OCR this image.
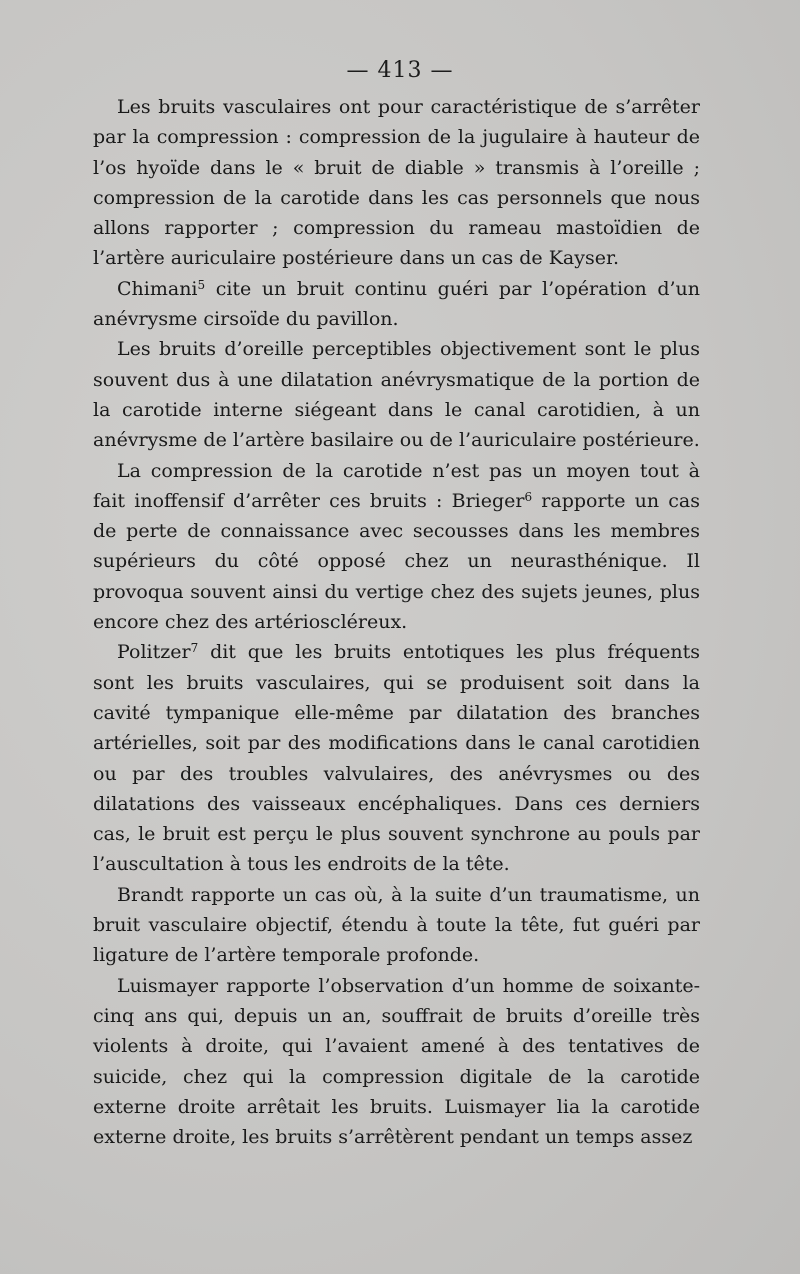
— 413 —

Les bruits vasculaires ont pour caractéristique de s’arrêter par la compression : compression de la jugulaire à hauteur de l’os hyoïde dans le « bruit de diable » transmis à l’oreille ; compression de la carotide dans les cas personnels que nous allons rapporter ; compression du rameau mastoïdien de l’artère auriculaire postérieure dans un cas de Kayser.

Chimani$^5$ cite un bruit continu guéri par l’opération d’un anévrysme cirsoïde du pavillon.

Les bruits d’oreille perceptibles objectivement sont le plus souvent dus à une dilatation anévrysmatique de la portion de la carotide interne siégeant dans le canal carotidien, à un anévrysme de l’artère basilaire ou de l’auriculaire postérieure.

La compression de la carotide n’est pas un moyen tout à fait inoffensif d’arrêter ces bruits : Brieger$^6$ rapporte un cas de perte de connaissance avec secousses dans les membres supérieurs du côté opposé chez un neurasthénique. Il provoqua souvent ainsi du vertige chez des sujets jeunes, plus encore chez des artérioscléreux.

Politzer$^7$ dit que les bruits entotiques les plus fréquents sont les bruits vasculaires, qui se produisent soit dans la cavité tympanique elle-même par dilatation des branches artérielles, soit par des modifications dans le canal carotidien ou par des troubles valvulaires, des anévrysmes ou des dilatations des vaisseaux encéphaliques. Dans ces derniers cas, le bruit est perçu le plus souvent synchrone au pouls par l’auscultation à tous les endroits de la tête.

Brandt rapporte un cas où, à la suite d’un traumatisme, un bruit vasculaire objectif, étendu à toute la tête, fut guéri par ligature de l’artère temporale profonde.

Luismayer rapporte l’observation d’un homme de soixante-cinq ans qui, depuis un an, souffrait de bruits d’oreille très violents à droite, qui l’avaient amené à des tentatives de suicide, chez qui la compression digitale de la carotide externe droite arrêtait les bruits. Luismayer lia la carotide externe droite, les bruits s’arrêtèrent pendant un temps assez
